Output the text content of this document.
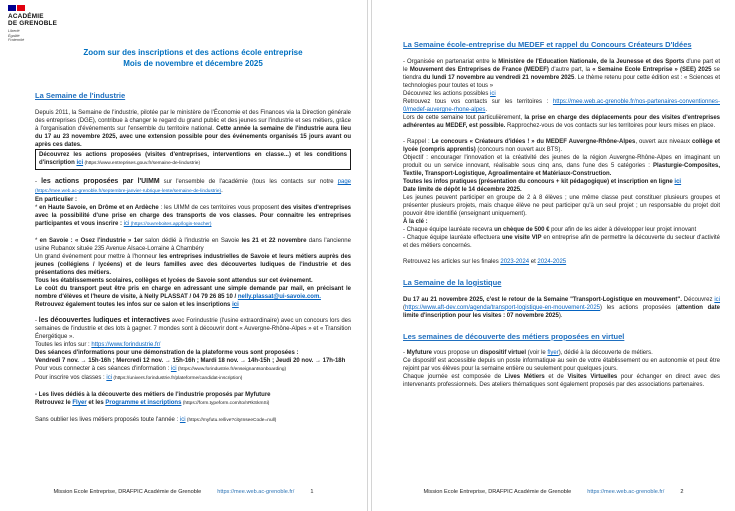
ACADÉMIE
DE GRENOBLE
Liberté
Égalité
Fraternité
Zoom sur des inscriptions et des actions école entreprise
Mois de novembre et décembre 2025
La Semaine de l'industrie
Depuis 2011, la Semaine de l'industrie, pilotée par le ministère de l'Économie et des Finances via la Direction générale des entreprises (DGE), contribue à changer le regard du grand public et des jeunes sur l'industrie et ses métiers, grâce à l'organisation d'événements sur l'ensemble du territoire national. Cette année la semaine de l'industrie aura lieu du 17 au 23 novembre 2025, avec une extension possible pour des événements organisés 15 jours avant ou après ces dates.
Découvrez les actions proposées (visites d'entreprises, interventions en classe...) et les conditions d'inscription ici (https://www.entreprises.gouv.fr/semaine-de-lindustrie)
- les actions proposées par l'UIMM sur l'ensemble de l'académie (tous les contacts sur notre page (https://mee.web.ac-grenoble.fr/septembre-janvier-rubrique-lente/semaine-de-lindustrie).
En particulier :
* en Haute Savoie, en Drôme et en Ardèche : les UIMM de ces territoires vous proposent des visites d'entreprises avec la possibilité d'une prise en charge des transports de vos classes. Pour connaitre les entreprises participantes et vous inscrire : ici (https://ouvreboites.app/login-teacher)
* en Savoie : « Osez l'industrie » 1er salon dédié à l'industrie en Savoie les 21 et 22 novembre dans l'ancienne usine Rubanox située 235 Avenue Alsace-Lorraine à Chambéry
Un grand événement pour mettre à l'honneur les entreprises industrielles de Savoie et leurs métiers auprès des jeunes (collégiens / lycéens) et de leurs familles avec des découvertes ludiques de l'industrie et des présentations des métiers.
Tous les établissements scolaires, collèges et lycées de Savoie sont attendus sur cet évènement.
Le coût du transport peut être pris en charge en adressant une simple demande par mail, en précisant le nombre d'élèves et l'heure de visite, à Nelly PLASSAT / 04 79 26 85 10 / nelly.plassat@ui-savoie.com.
Retrouvez également toutes les infos sur ce salon et les inscriptions ici
- les découvertes ludiques et interactives avec Forindustrie (l'usine extraordinaire) avec un concours lors des semaines de l'industrie et des lots à gagner. 7 mondes sont à découvrir dont « Auvergne-Rhône-Alpes » et « Transition Énergétique ».
Toutes les infos sur : https://www.forindustrie.fr/
Des séances d'informations pour une démonstration de la plateforme vous sont proposées :
Vendredi 7 nov. → 15h-16h ; Mercredi 12 nov. → 15h-16h ; Mardi 18 nov. → 14h-15h ; Jeudi 20 nov. → 17h-18h
Pour vous connecter à ces séances d'information : ici (https://www.forindustrie.fr/enseignantsonboarding)
Pour inscrire vos classes : ici (https://univers.forindustrie.fr/plateforme/candidat-inscription)
- Les lives dédiés à la découverte des métiers de l'industrie proposés par Myfuture
Retrouvez le Flyer et les Programme et inscriptions (https://form.typeform.com/to/nRkSkmSi)
Sans oublier les lives métiers proposés toute l'année : ici (https://myfutu.re/live?cityInseeCode=null)
Mission Ecole Entreprise, DRAFPIC Académie de Grenoble	https://mee.web.ac-grenoble.fr/	1
La Semaine école-entreprise du MEDEF et rappel du Concours Créateurs D'Idées
- Organisée en partenariat entre le Ministère de l'Education Nationale, de la Jeunesse et des Sports d'une part et le Mouvement des Entreprises de France (MEDEF) d'autre part, la « Semaine Ecole Entreprise » (SEE) 2025 se tiendra du lundi 17 novembre au vendredi 21 novembre 2025. Le thème retenu pour cette édition est : « Sciences et technologies pour toutes et tous »
Découvrez les actions possibles ici
Retrouvez tous vos contacts sur les territoires : https://mee.web.ac-grenoble.fr/nos-partenaires-conventionnes-0/medef-auvergne-rhone-alpes.
Lors de cette semaine tout particulièrement, la prise en charge des déplacements pour des visites d'entreprises adhérentes au MEDEF, est possible. Rapprochez-vous de vos contacts sur les territoires pour leurs mises en place.
- Rappel : Le concours « Créateurs d'idées ! » du MEDEF Auvergne-Rhône-Alpes, ouvert aux niveaux collège et lycée (compris apprentis) (concours non ouvert aux BTS).
Objectif : encourager l'innovation et la créativité des jeunes de la région Auvergne-Rhône-Alpes en imaginant un produit ou un service innovant, réalisable sous cinq ans, dans l'une des 5 catégories : Plasturgie-Composites, Textile, Transport-Logistique, Agroalimentaire et Matériaux-Construction.
Toutes les infos pratiques (présentation du concours + kit pédagogique) et inscription en ligne ici
Date limite de dépôt le 14 décembre 2025.
Les jeunes peuvent participer en groupe de 2 à 8 élèves ; une même classe peut constituer plusieurs groupes et présenter plusieurs projets, mais chaque élève ne peut participer qu'à un seul projet ; un responsable du projet doit pouvoir être identifié (enseignant uniquement).
À la clé :
- Chaque équipe lauréate recevra un chèque de 500 € pour afin de les aider à développer leur projet innovant
- Chaque équipe lauréate effectuera une visite VIP en entreprise afin de permettre la découverte du secteur d'activité et des métiers concernés.
Retrouvez les articles sur les finales 2023-2024 et 2024-2025
La Semaine de la logistique
Du 17 au 21 novembre 2025, c'est le retour de la Semaine "Transport-Logistique en mouvement". Découvrez ici (https://www.aft-dev.com/agenda/transport-logistique-en-mouvement-2025) les actions proposées (attention date limite d'inscription pour les visites : 07 novembre 2025).
Les semaines de découverte des métiers proposées en virtuel
- Myfuture vous propose un dispositif virtuel (voir le flyer), dédié à la découverte de métiers.
Ce dispositif est accessible depuis un poste informatique au sein de votre établissement ou en autonomie et peut être rejoint par vos élèves pour la semaine entière ou seulement pour quelques jours.
Chaque journée est composée de Lives Métiers et de Visites Virtuelles pour échanger en direct avec des intervenants professionnels. Des ateliers thématiques sont également proposés par des associations partenaires.
Mission Ecole Entreprise, DRAFPIC Académie de Grenoble	https://mee.web.ac-grenoble.fr/	2
